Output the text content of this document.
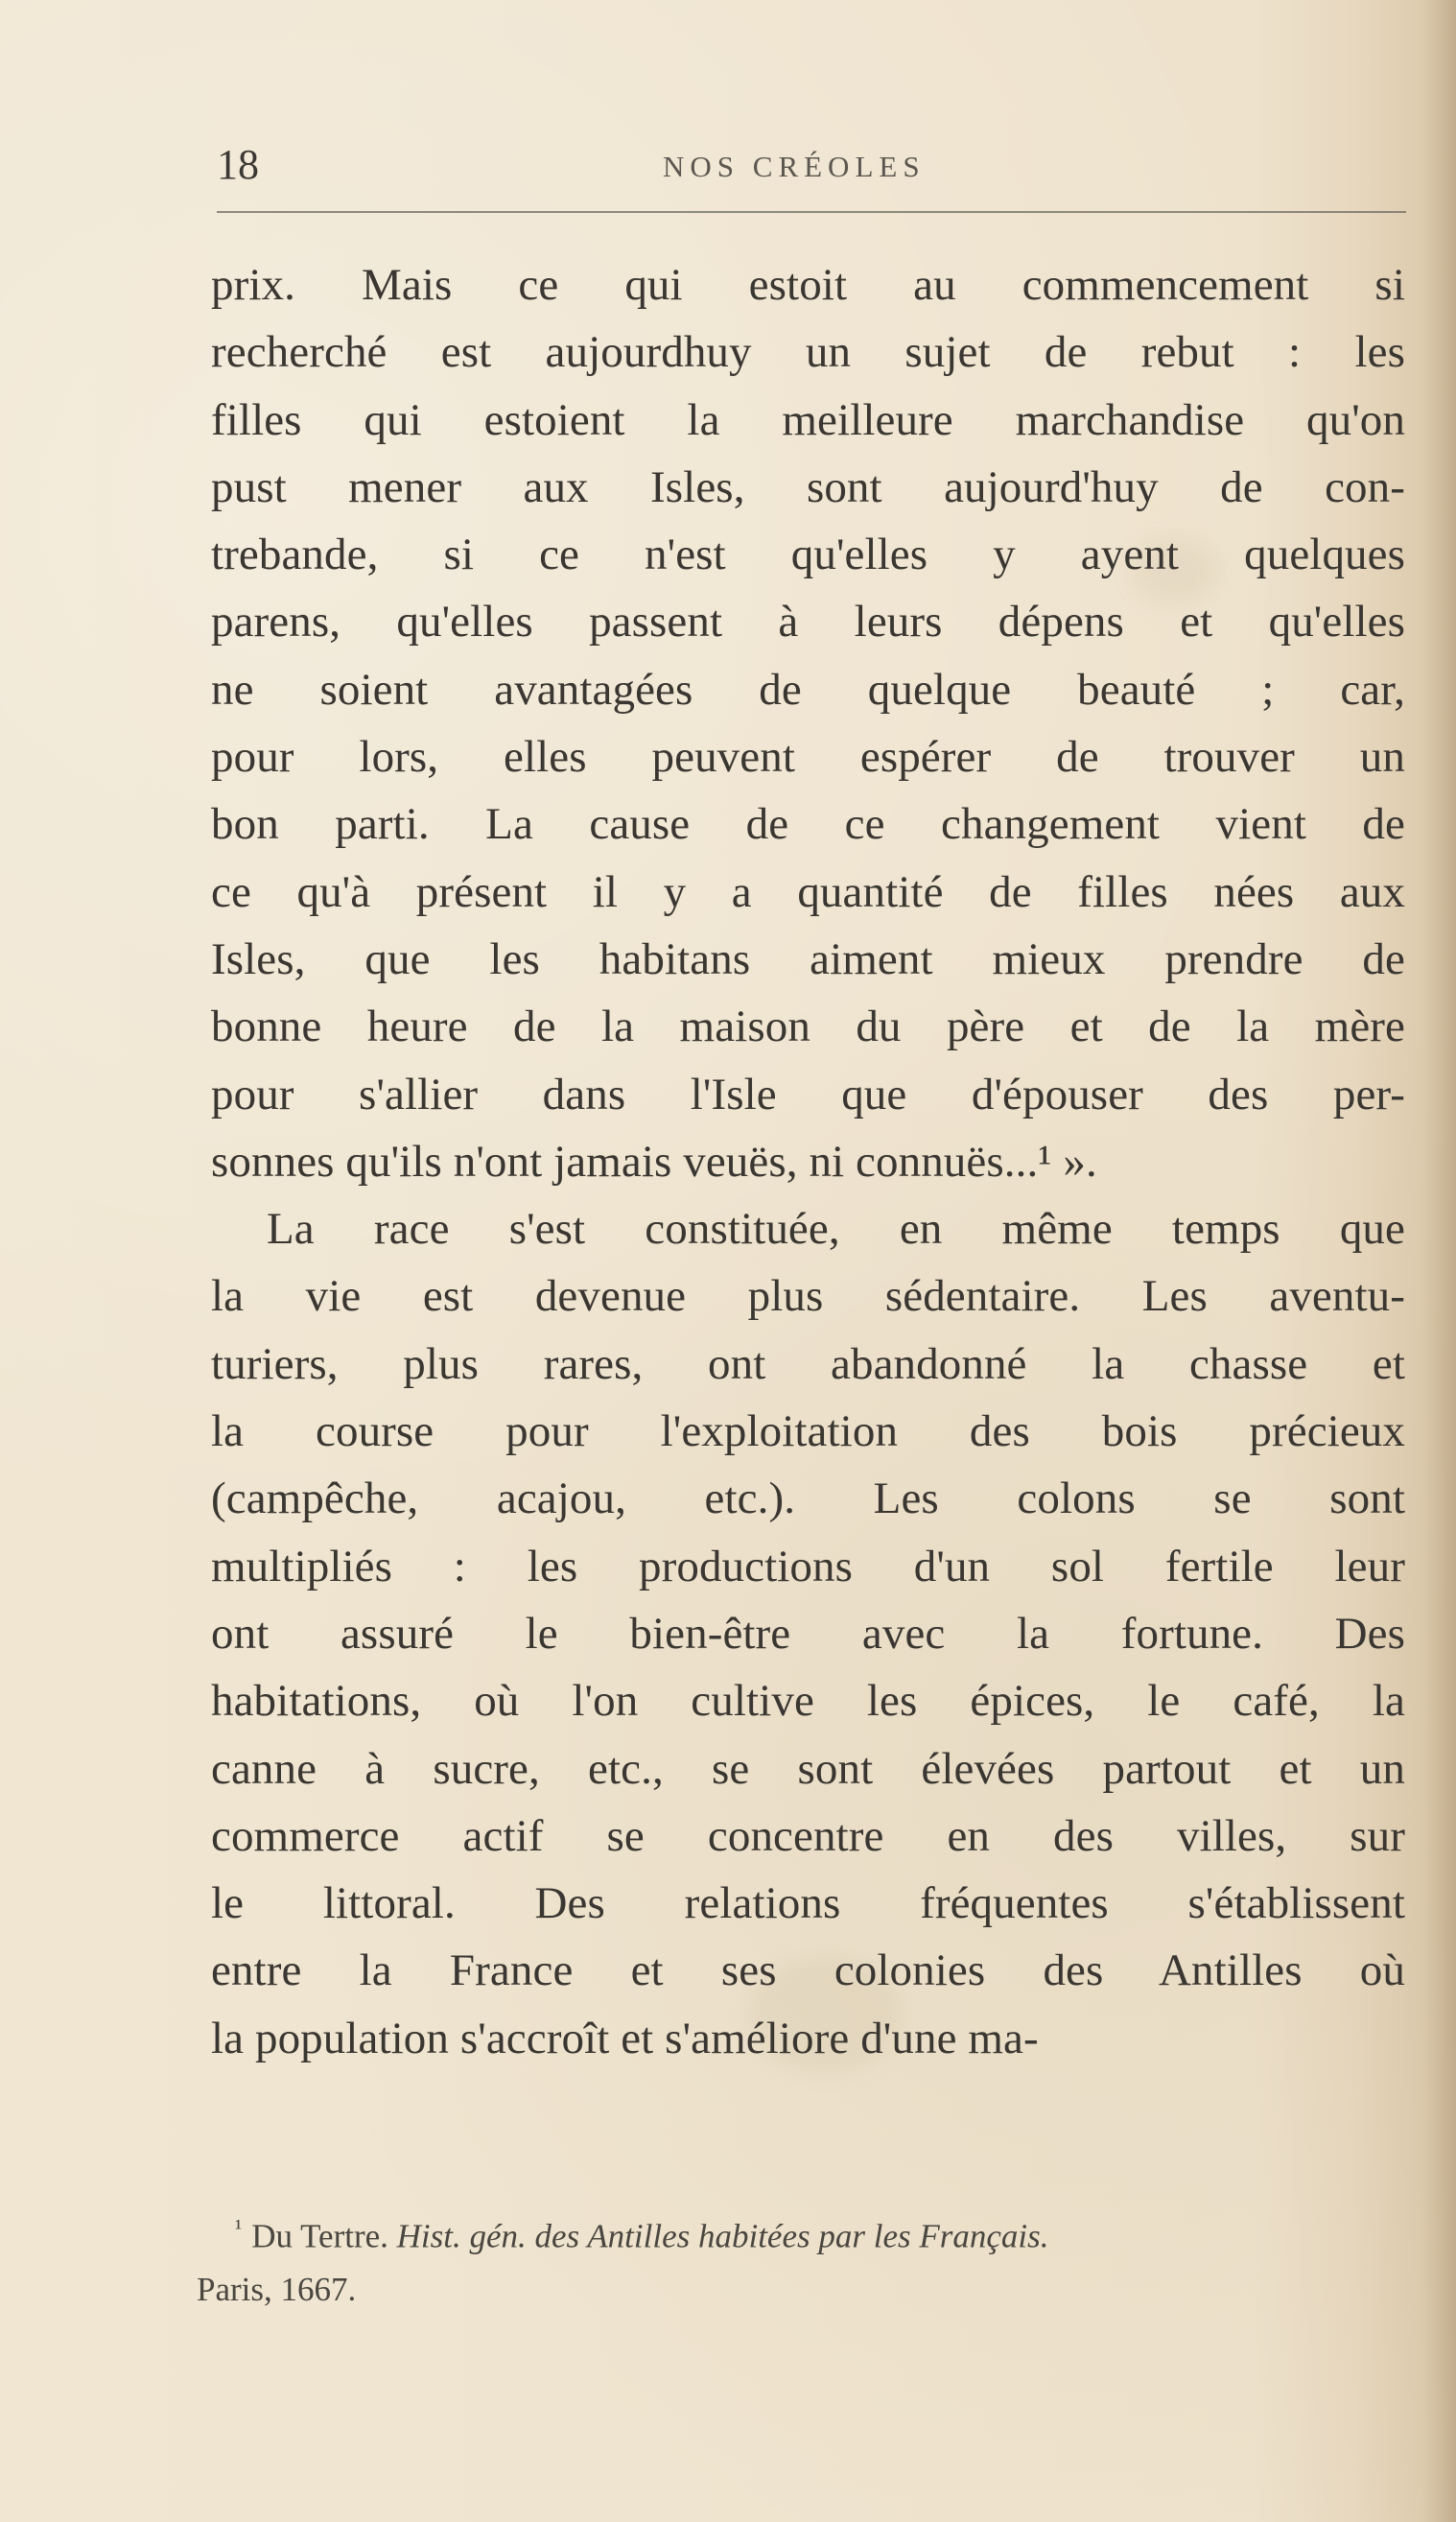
18	NOS CRÉOLES
prix. Mais ce qui estoit au commencement si
recherché est aujourdhuy un sujet de rebut : les
filles qui estoient la meilleure marchandise qu'on
pust mener aux Isles, sont aujourd'huy de con-
trebande, si ce n'est qu'elles y ayent quelques
parens, qu'elles passent à leurs dépens et qu'elles
ne soient avantagées de quelque beauté ; car,
pour lors, elles peuvent espérer de trouver un
bon parti. La cause de ce changement vient de
ce qu'à présent il y a quantité de filles nées aux
Isles, que les habitans aiment mieux prendre de
bonne heure de la maison du père et de la mère
pour s'allier dans l'Isle que d'épouser des per-
sonnes qu'ils n'ont jamais veuës, ni connuës...¹ ».
La race s'est constituée, en même temps que
la vie est devenue plus sédentaire. Les aventu-
turiers, plus rares, ont abandonné la chasse et
la course pour l'exploitation des bois précieux
(campêche, acajou, etc.). Les colons se sont
multipliés : les productions d'un sol fertile leur
ont assuré le bien-être avec la fortune. Des
habitations, où l'on cultive les épices, le café, la
canne à sucre, etc., se sont élevées partout et un
commerce actif se concentre en des villes, sur
le littoral. Des relations fréquentes s'établissent
entre la France et ses colonies des Antilles où
la population s'accroît et s'améliore d'une ma-
$^{^1}$ Du Tertre. Hist. gén. des Antilles habitées par les Français.
Paris, 1667.
